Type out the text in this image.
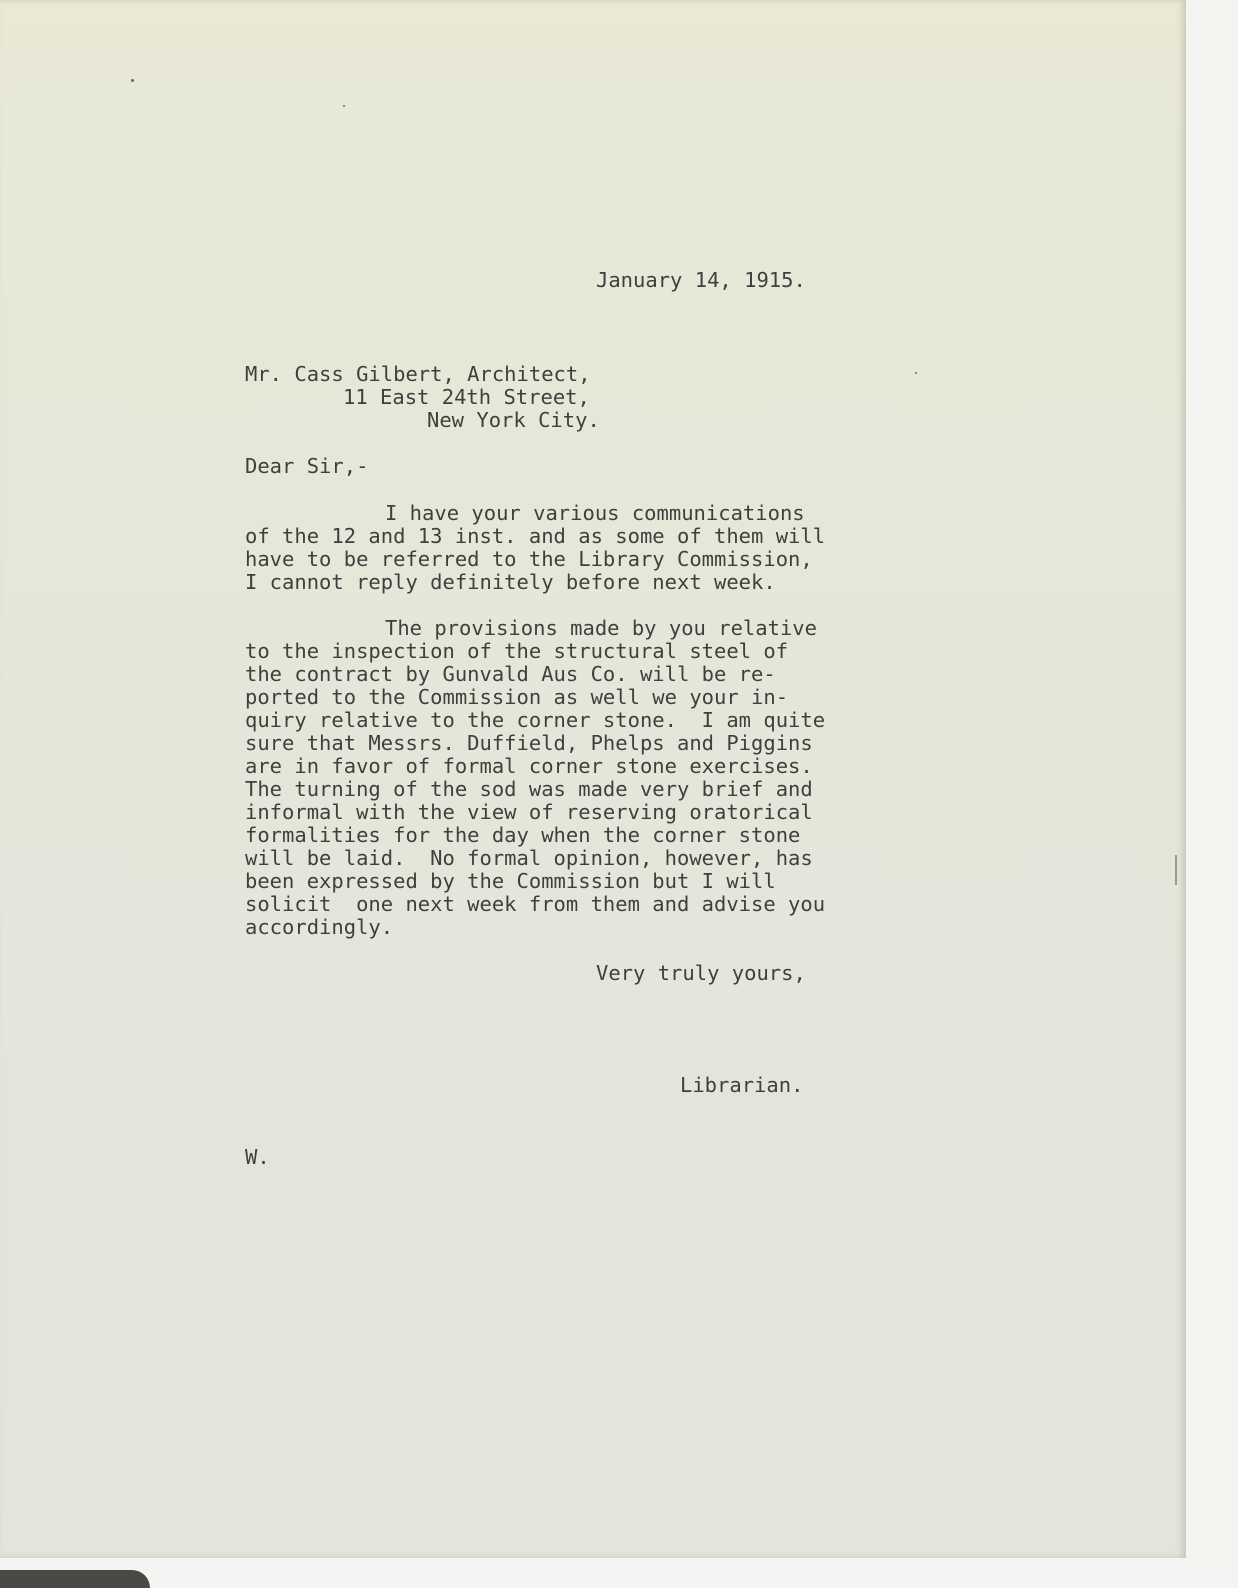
January 14, 1915.

Mr. Cass Gilbert, Architect,

11 East 24th Street,

New York City.

Dear Sir,-

I have your various communications

of the 12 and 13 inst. and as some of them will

have to be referred to the Library Commission,

I cannot reply definitely before next week.

The provisions made by you relative

to the inspection of the structural steel of

the contract by Gunvald Aus Co. will be re-

ported to the Commission as well we your in-

quiry relative to the corner stone.  I am quite

sure that Messrs. Duffield, Phelps and Piggins

are in favor of formal corner stone exercises.

The turning of the sod was made very brief and

informal with the view of reserving oratorical

formalities for the day when the corner stone

will be laid.  No formal opinion, however, has

been expressed by the Commission but I will

solicit  one next week from them and advise you

accordingly.

Very truly yours,

Librarian.

W.
